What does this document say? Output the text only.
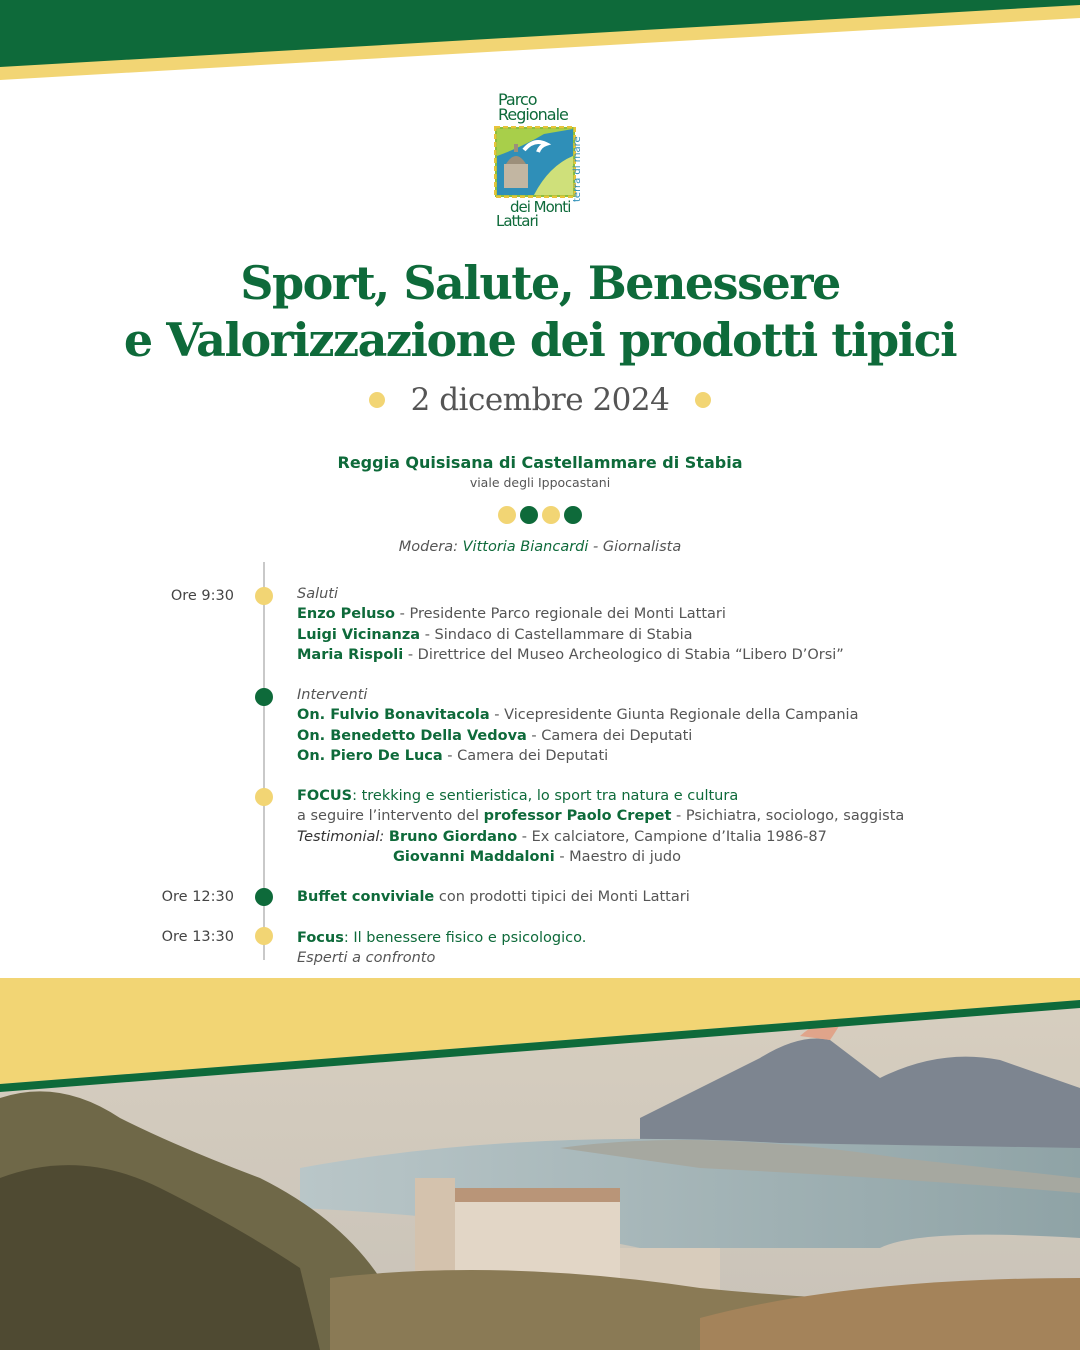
Parco
Regionale
dei Monti
Lattari
terra di mare
Sport, Salute, Benessere
e Valorizzazione dei prodotti tipici
2 dicembre 2024
Reggia Quisisana di Castellammare di Stabia
viale degli Ippocastani
Modera: Vittoria Biancardi - Giornalista
Ore 9:30
Ore 12:30
Ore 13:30
Saluti
Enzo Peluso - Presidente Parco regionale dei Monti Lattari
Luigi Vicinanza - Sindaco di Castellammare di Stabia
Maria Rispoli - Direttrice del Museo Archeologico di Stabia “Libero D’Orsi”
Interventi
On. Fulvio Bonavitacola - Vicepresidente Giunta Regionale della Campania
On. Benedetto Della Vedova - Camera dei Deputati
On. Piero De Luca - Camera dei Deputati
FOCUS: trekking e sentieristica, lo sport tra natura e cultura
a seguire l’intervento del professor Paolo Crepet - Psichiatra, sociologo, saggista
Testimonial: Bruno Giordano - Ex calciatore, Campione d’Italia 1986-87
Giovanni Maddaloni - Maestro di judo
Buffet conviviale con prodotti tipici dei Monti Lattari
Focus: Il benessere fisico e psicologico.
Esperti a confronto
